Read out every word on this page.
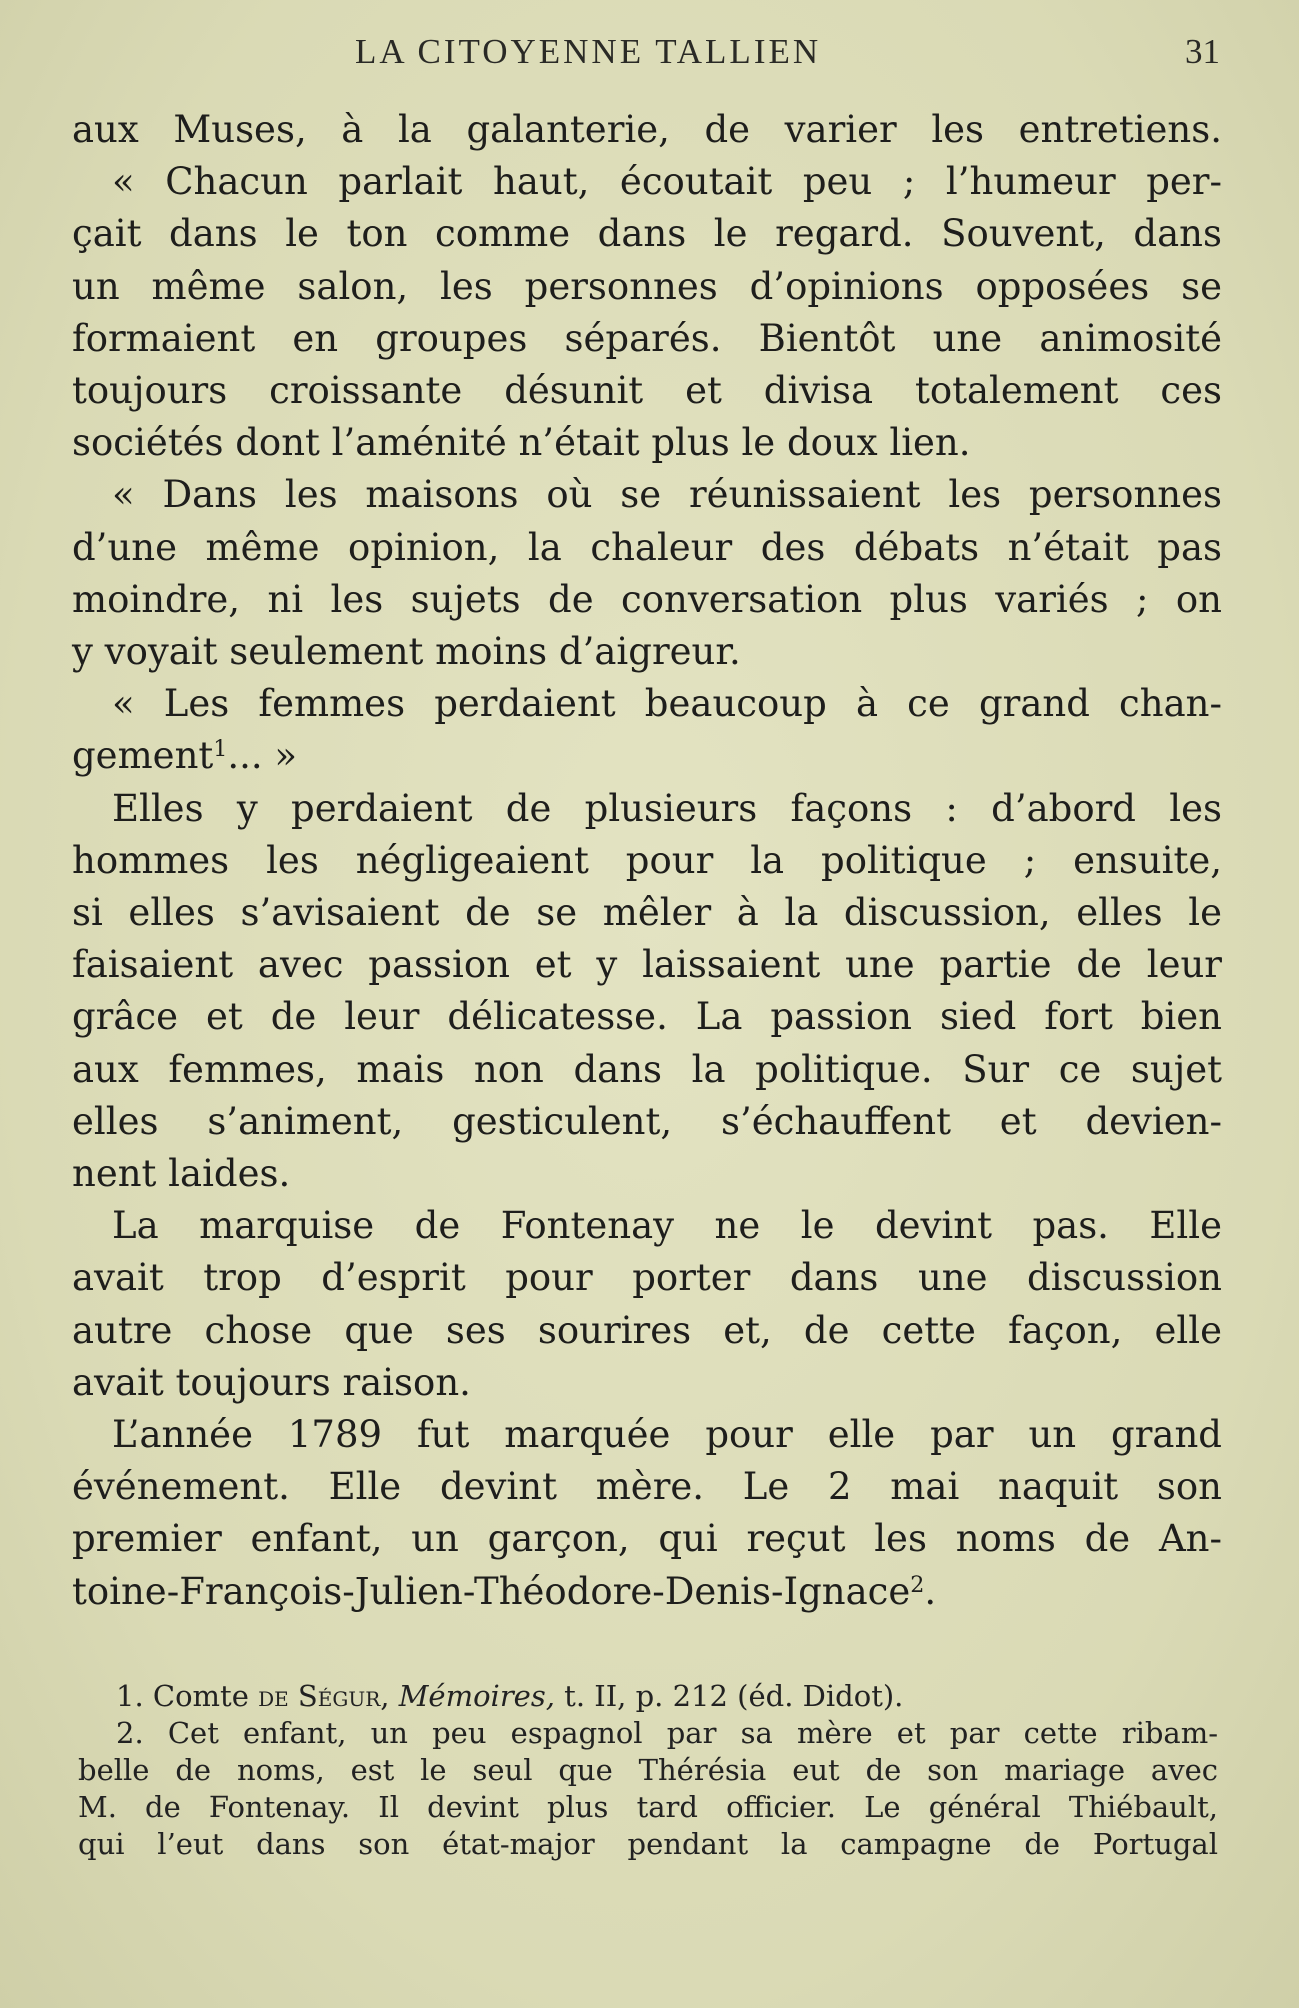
LA CITOYENNE TALLIEN	31
aux Muses, à la galanterie, de varier les entretiens.
« Chacun parlait haut, écoutait peu ; l’humeur per-
çait dans le ton comme dans le regard. Souvent, dans
un même salon, les personnes d’opinions opposées se
formaient en groupes séparés. Bientôt une animosité
toujours croissante désunit et divisa totalement ces
sociétés dont l’aménité n’était plus le doux lien.
« Dans les maisons où se réunissaient les personnes
d’une même opinion, la chaleur des débats n’était pas
moindre, ni les sujets de conversation plus variés ; on
y voyait seulement moins d’aigreur.
« Les femmes perdaient beaucoup à ce grand chan-
gement$^1$... »
Elles y perdaient de plusieurs façons : d’abord les
hommes les négligeaient pour la politique ; ensuite,
si elles s’avisaient de se mêler à la discussion, elles le
faisaient avec passion et y laissaient une partie de leur
grâce et de leur délicatesse. La passion sied fort bien
aux femmes, mais non dans la politique. Sur ce sujet
elles s’animent, gesticulent, s’échauffent et devien-
nent laides.
La marquise de Fontenay ne le devint pas. Elle
avait trop d’esprit pour porter dans une discussion
autre chose que ses sourires et, de cette façon, elle
avait toujours raison.
L’année 1789 fut marquée pour elle par un grand
événement. Elle devint mère. Le 2 mai naquit son
premier enfant, un garçon, qui reçut les noms de An-
toine-François-Julien-Théodore-Denis-Ignace$^2$.
1. Comte de Ségur, Mémoires, t. II, p. 212 (éd. Didot).
2. Cet enfant, un peu espagnol par sa mère et par cette ribam-
belle de noms, est le seul que Thérésia eut de son mariage avec
M. de Fontenay. Il devint plus tard officier. Le général Thiébault,
qui l’eut dans son état-major pendant la campagne de Portugal
